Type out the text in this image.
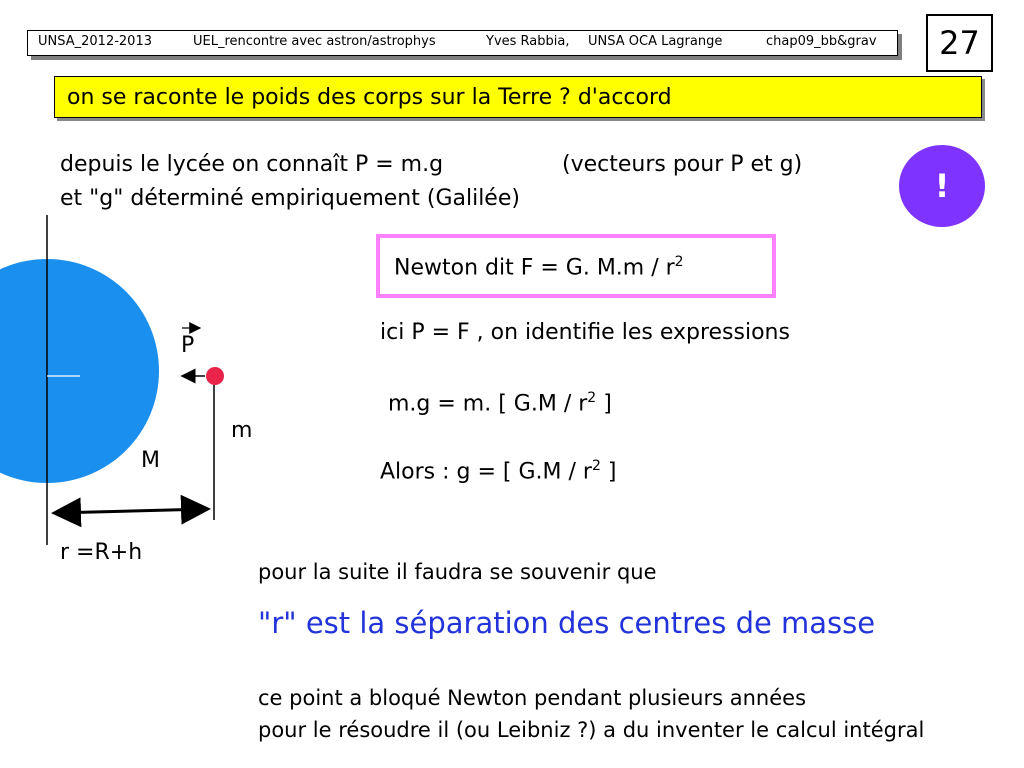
UNSA_2012-2013	UEL_rencontre avec astron/astrophys	Yves Rabbia, UNSA OCA Lagrange	chap09_bb&grav	27
on se raconte le poids des corps sur la Terre ? d'accord
depuis le lycée on connaît P = m.g	(vecteurs pour P et g)
et "g" déterminé empiriquement (Galilée)	!
Newton dit F = G. $M.m / r^2$
ici P = F , on identifie les expressions
m.g = m. [ $G.M / r^2$ ]
Alors : g = [ $G.M / r^2$ ]
P
m
M
r =R+h
pour la suite il faudra se souvenir que
"r" est la séparation des centres de masse
ce point a bloqué Newton pendant plusieurs années
pour le résoudre il (ou Leibniz ?) a du inventer le calcul intégral
